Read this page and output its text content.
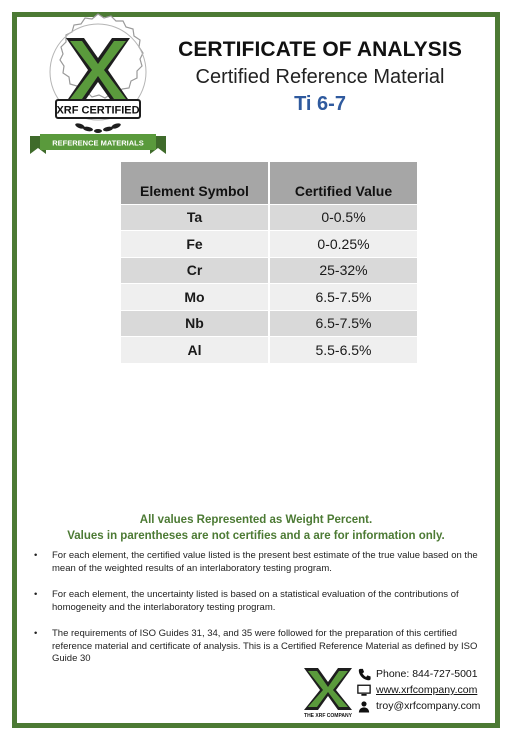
XRF CERTIFIED
REFERENCE MATERIALS
CERTIFICATE OF ANALYSIS
Certified Reference Material
Ti 6-7
Element Symbol	Certified Value
Ta	0-0.5%
Fe	0-0.25%
Cr	25-32%
Mo	6.5-7.5%
Nb	6.5-7.5%
Al	5.5-6.5%
All values Represented as Weight Percent.
Values in parentheses are not certifies and a are for information only.
• For each element, the certified value listed is the present best estimate of the true value based on the mean of the weighted results of an interlaboratory testing program.
• For each element, the uncertainty listed is based on a statistical evaluation of the contributions of homogeneity and the interlaboratory testing program.
• The requirements of ISO Guides 31, 34, and 35 were followed for the preparation of this certified reference material and certificate of analysis. This is a Certified Reference Material as defined by ISO Guide 30
THE XRF COMPANY
Phone: 844-727-5001
www.xrfcompany.com
troy@xrfcompany.com
